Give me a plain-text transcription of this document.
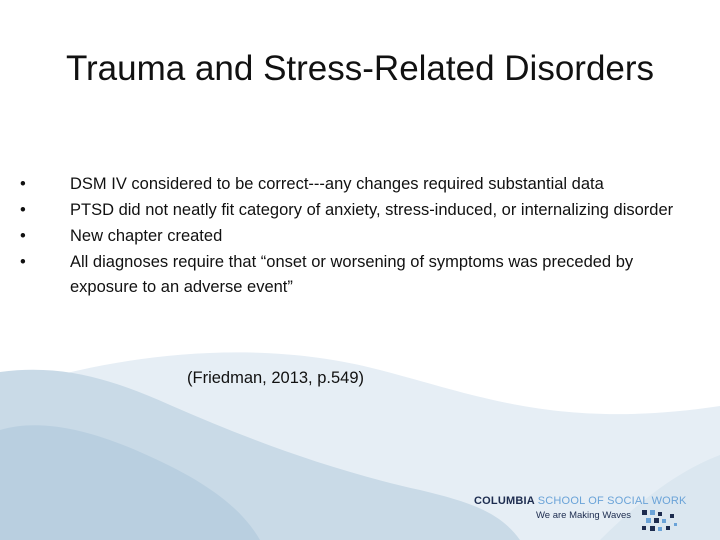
Trauma and Stress-Related Disorders
•	DSM IV considered to be correct---any changes required substantial data
•	PTSD did not neatly fit category of anxiety, stress-induced, or internalizing disorder
•	New chapter created
•	All diagnoses require that “onset or worsening of symptoms was preceded by exposure to an adverse event”
(Friedman, 2013, p.549)
COLUMBIA SCHOOL OF SOCIAL WORK
We are Making Waves
